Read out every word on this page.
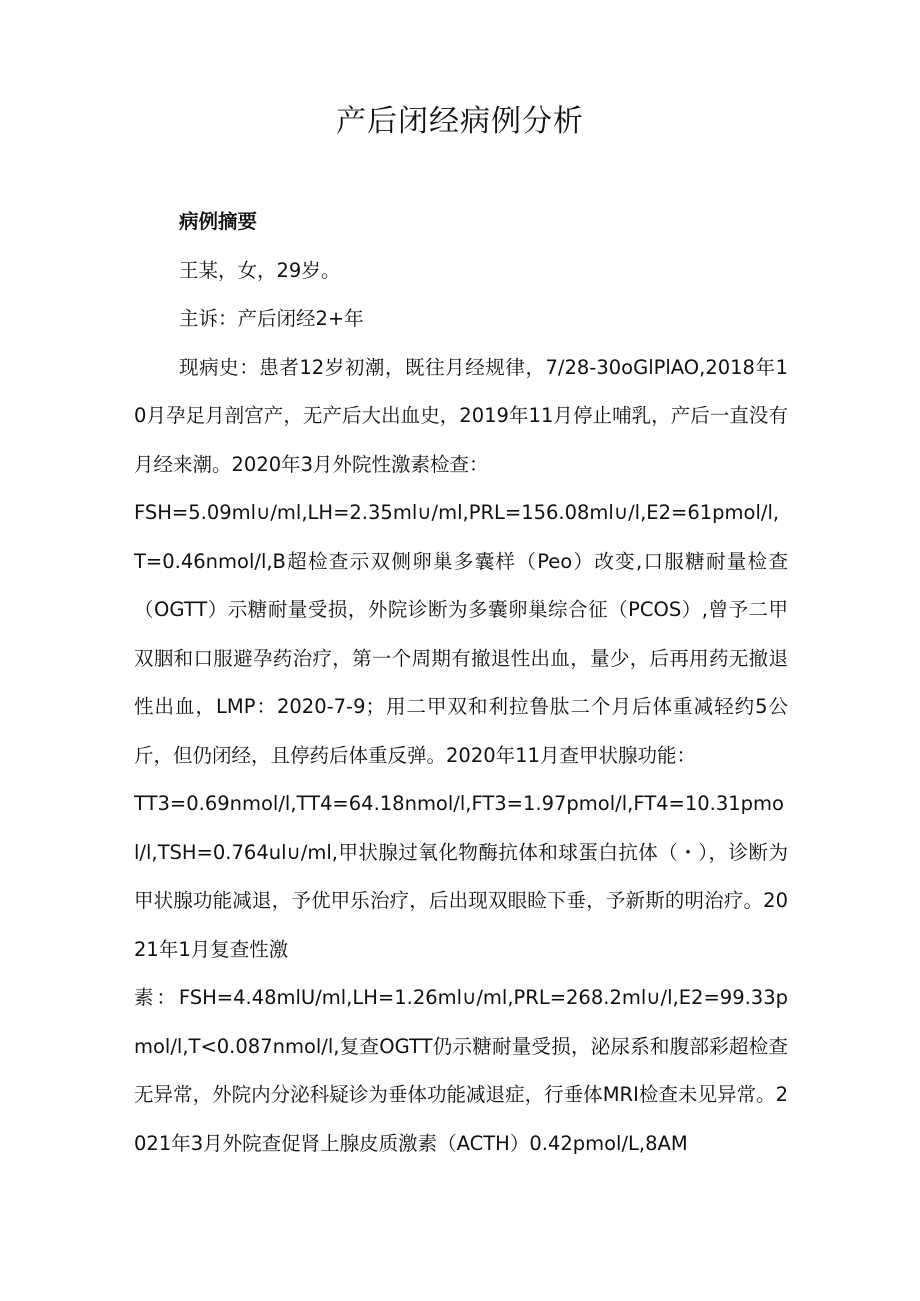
产后闭经病例分析

病例摘要

王某，女，29岁。

主诉：产后闭经2+年

现病史：患者12岁初潮，既往月经规律，7/28-30oGlPlAO,2018年10月孕足月剖宫产，无产后大出血史，2019年11月停止哺乳，产后一直没有月经来潮。2020年3月外院性激素检查：

FSH=5.09ml∪∕ml,LH=2.35ml∪∕ml,PRL=156.08ml∪∕l,E2=61pmol∕l,T=0.46nmol∕l,B超检查示双侧卵巢多囊样（Peo）改变,口服糖耐量检查（OGTT）示糖耐量受损，外院诊断为多囊卵巢综合征（PCOS）,曾予二甲双胭和口服避孕药治疗，第一个周期有撤退性出血，量少，后再用药无撤退性出血，LMP：2020-7-9；用二甲双和利拉鲁肽二个月后体重减轻约5公斤，但仍闭经，且停药后体重反弹。2020年11月查甲状腺功能：

TT3=0.69nmol∕l,TT4=64.18nmol∕l,FT3=1.97pmol∕l,FT4=10.31pmol∕l,TSH=0.764ul∪∕ml,甲状腺过氧化物酶抗体和球蛋白抗体（・），诊断为甲状腺功能减退，予优甲乐治疗，后出现双眼睑下垂，予新斯的明治疗。2021年1月复查性激

素：FSH=4.48mlU∕ml,LH=1.26ml∪∕ml,PRL=268.2ml∪∕l,E2=99.33pmol∕l,T<0.087nmol∕l,复查OGTT仍示糖耐量受损，泌尿系和腹部彩超检查无异常，外院内分泌科疑诊为垂体功能减退症，行垂体MRI检查未见异常。2021年3月外院查促肾上腺皮质激素（ACTH）0.42pmol∕L,8AM
